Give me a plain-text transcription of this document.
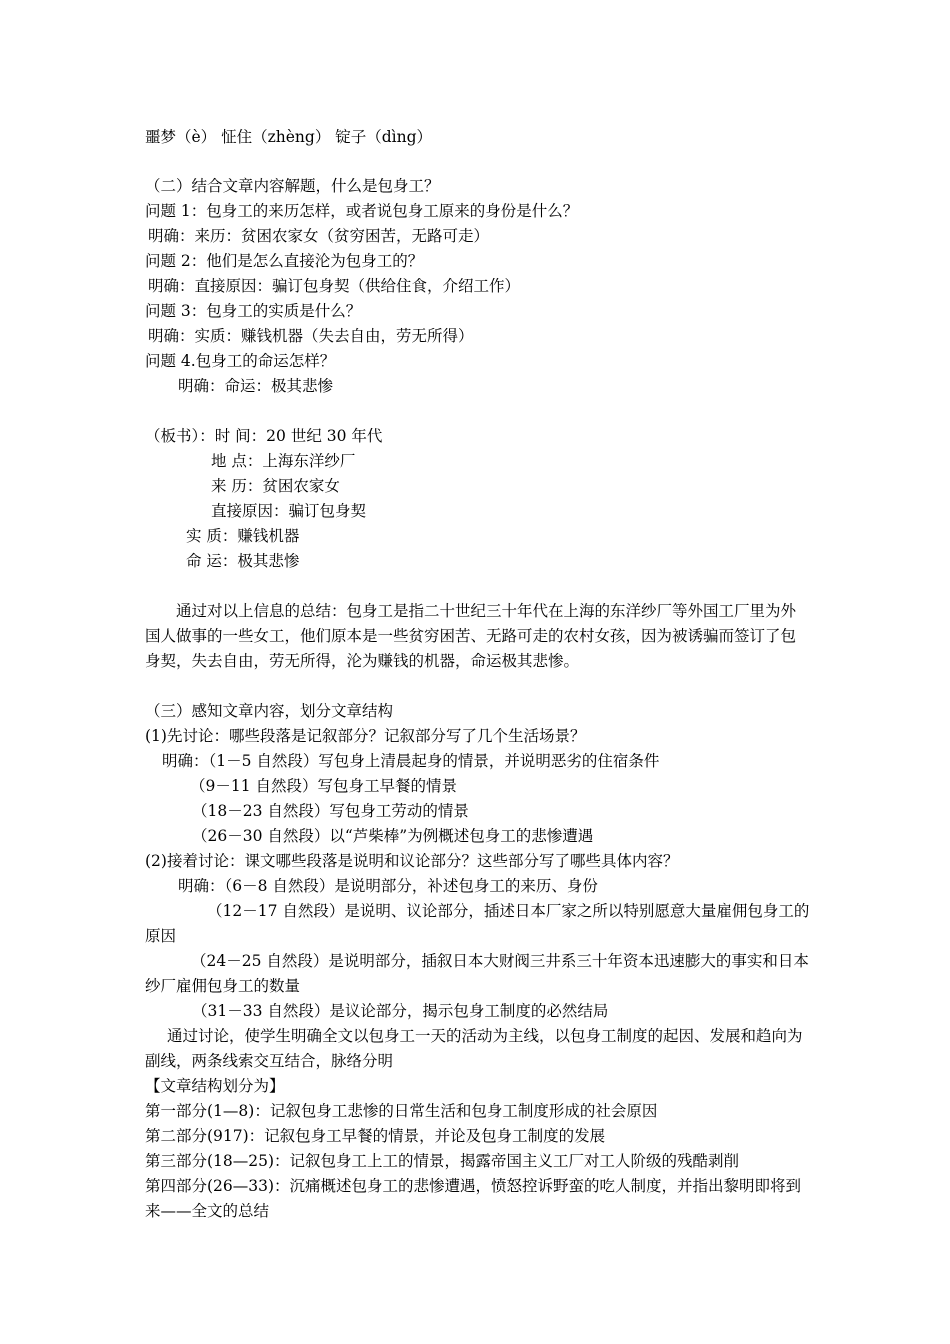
噩梦（è） 怔住（zhèng） 锭子（dìng）
（二）结合文章内容解题，什么是包身工？
问题 1：包身工的来历怎样，或者说包身工原来的身份是什么？
明确：来历：贫困农家女（贫穷困苦，无路可走）
问题 2：他们是怎么直接沦为包身工的？
明确：直接原因：骗订包身契（供给住食，介绍工作）
问题 3：包身工的实质是什么？
明确：实质：赚钱机器（失去自由，劳无所得）
问题 4.包身工的命运怎样？
明确：命运：极其悲惨
（板书）：时 间：20 世纪 30 年代
地 点：上海东洋纱厂
来 历：贫困农家女
直接原因：骗订包身契
实 质：赚钱机器
命 运：极其悲惨
通过对以上信息的总结：包身工是指二十世纪三十年代在上海的东洋纱厂等外国工厂里为外国人做事的一些女工，他们原本是一些贫穷困苦、无路可走的农村女孩，因为被诱骗而签订了包身契，失去自由，劳无所得，沦为赚钱的机器，命运极其悲惨。
（三）感知文章内容，划分文章结构
(1)先讨论：哪些段落是记叙部分？记叙部分写了几个生活场景？
明确：（1－5 自然段）写包身上清晨起身的情景，并说明恶劣的住宿条件
（9－11 自然段）写包身工早餐的情景
（18－23 自然段）写包身工劳动的情景
（26－30 自然段）以“芦柴棒”为例概述包身工的悲惨遭遇
(2)接着讨论：课文哪些段落是说明和议论部分？这些部分写了哪些具体内容？
明确：（6－8 自然段）是说明部分，补述包身工的来历、身份
（12－17 自然段）是说明、议论部分，插述日本厂家之所以特别愿意大量雇佣包身工的原因
（24－25 自然段）是说明部分，插叙日本大财阀三井系三十年资本迅速膨大的事实和日本纱厂雇佣包身工的数量
（31－33 自然段）是议论部分，揭示包身工制度的必然结局
通过讨论，使学生明确全文以包身工一天的活动为主线，以包身工制度的起因、发展和趋向为副线，两条线索交互结合，脉络分明
【文章结构划分为】
第一部分(1—8)：记叙包身工悲惨的日常生活和包身工制度形成的社会原因
第二部分(917)：记叙包身工早餐的情景，并论及包身工制度的发展
第三部分(18—25)：记叙包身工上工的情景，揭露帝国主义工厂对工人阶级的残酷剥削
第四部分(26—33)：沉痛概述包身工的悲惨遭遇，愤怒控诉野蛮的吃人制度，并指出黎明即将到来——全文的总结
